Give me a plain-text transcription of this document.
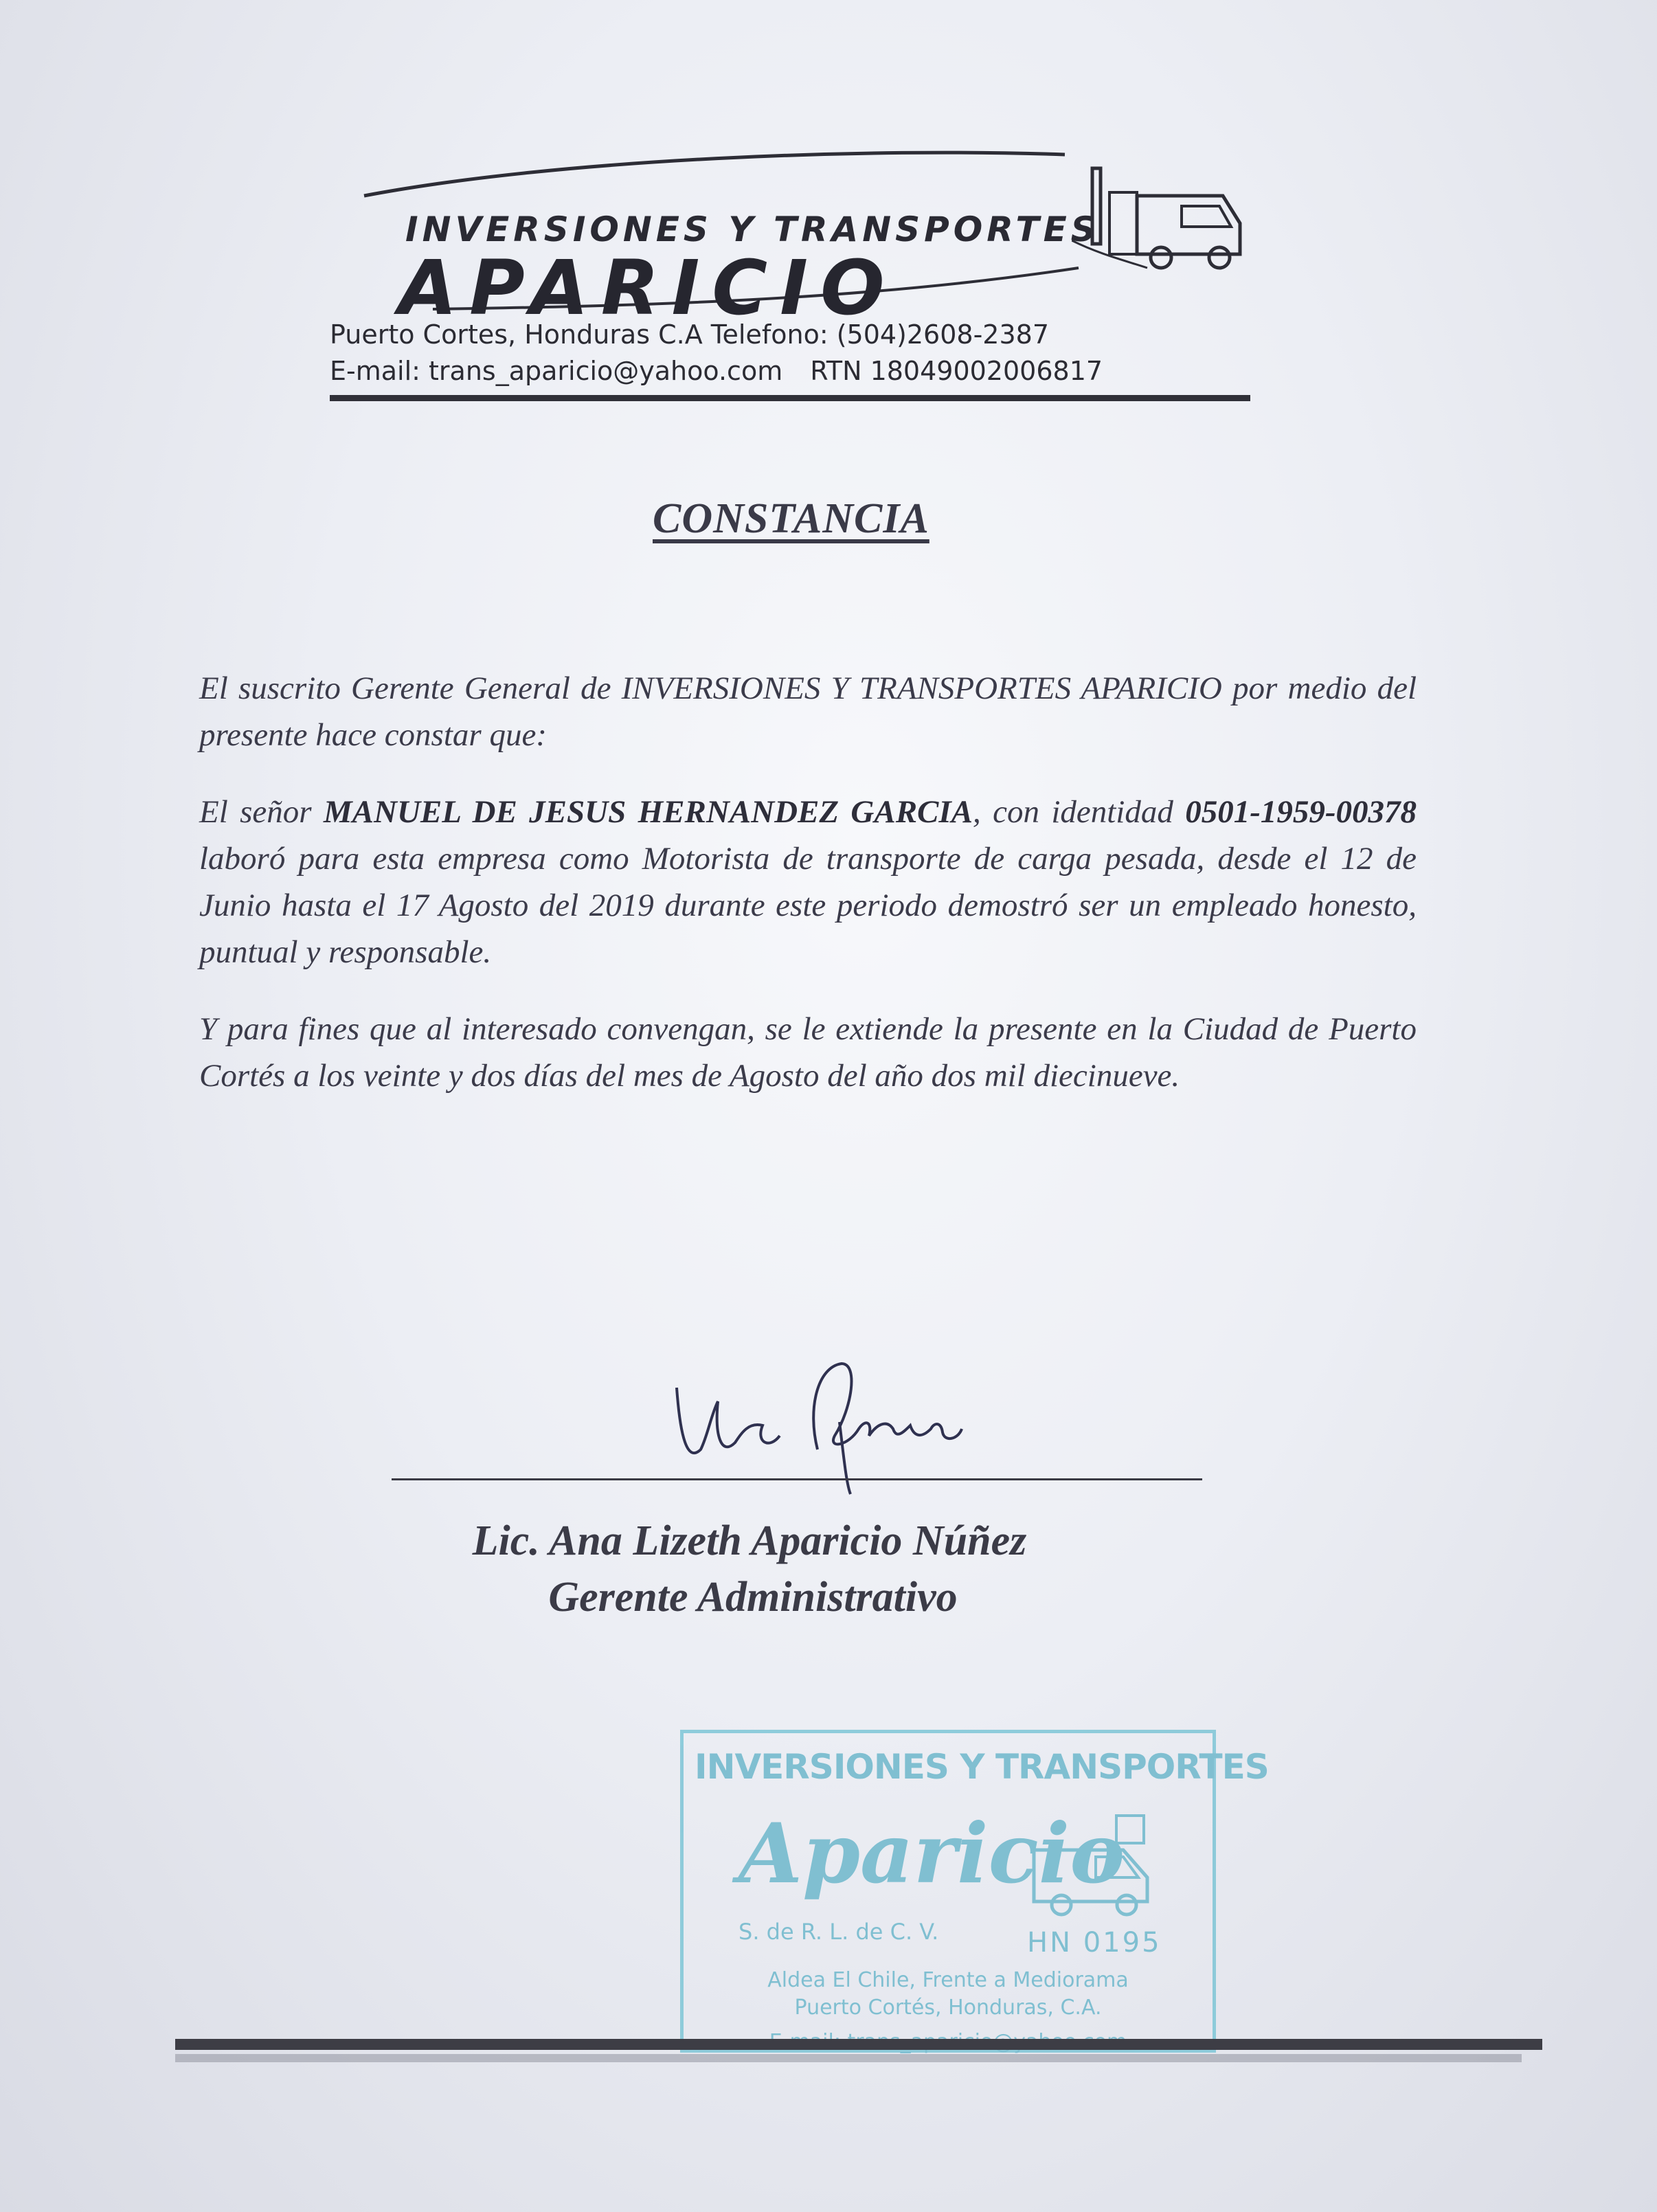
INVERSIONES Y TRANSPORTES
APARICIO
Puerto Cortes, Honduras C.A Telefono: (504)2608-2387
E-mail: trans_aparicio@yahoo.com RTN 18049002006817
CONSTANCIA

El suscrito Gerente General de INVERSIONES Y TRANSPORTES APARICIO por medio del presente hace constar que:

El señor MANUEL DE JESUS HERNANDEZ GARCIA, con identidad 0501-1959-00378 laboró para esta empresa como Motorista de transporte de carga pesada, desde el 12 de Junio hasta el 17 Agosto del 2019 durante este periodo demostró ser un empleado honesto, puntual y responsable.

Y para fines que al interesado convengan, se le extiende la presente en la Ciudad de Puerto Cortés a los veinte y dos días del mes de Agosto del año dos mil diecinueve.

Lic. Ana Lizeth Aparicio Núñez
Gerente Administrativo
INVERSIONES Y TRANSPORTES
Aparicio
S. de R. L. de C. V.	HN 0195
Aldea El Chile, Frente a Mediorama
Puerto Cortés, Honduras, C.A.
